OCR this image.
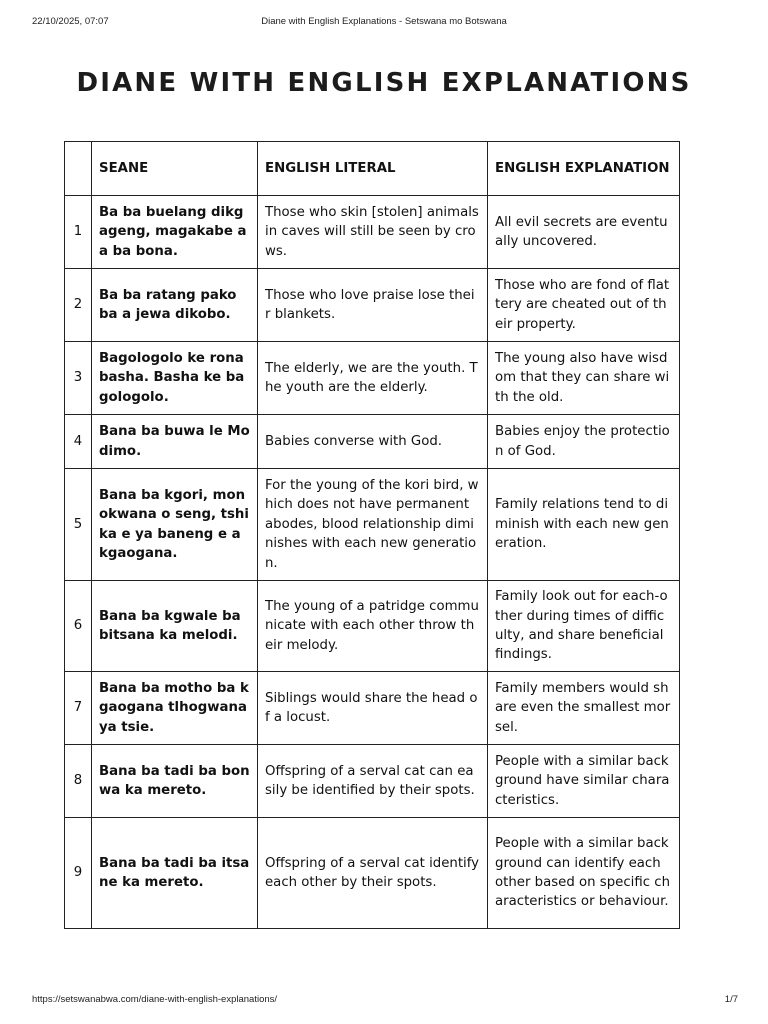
22/10/2025, 07:07	Diane with English Explanations - Setswana mo Botswana
DIANE WITH ENGLISH EXPLANATIONS
	SEANE	ENGLISH LITERAL	ENGLISH EXPLANATION
1	Ba ba buelang dikgageng, magakabe a a ba bona.	Those who skin [stolen] animals in caves will still be seen by crows.	All evil secrets are eventually uncovered.
2	Ba ba ratang pako ba a jewa dikobo.	Those who love praise lose their blankets.	Those who are fond of flattery are cheated out of their property.
3	Bagologolo ke rona basha. Basha ke bagologolo.	The elderly, we are the youth. The youth are the elderly.	The young also have wisdom that they can share with the old.
4	Bana ba buwa le Modimo.	Babies converse with God.	Babies enjoy the protection of God.
5	Bana ba kgori, mon okwana o seng, tshi ka e ya baneng e a kgaogana.	For the young of the kori bird, which does not have permanent abodes, blood relationship diminishes with each new generation.	Family relations tend to diminish with each new generation.
6	Bana ba kgwale ba bitsana ka melodi.	The young of a patridge communicate with each other throw their melody.	Family look out for each-other during times of difficulty, and share beneficial findings.
7	Bana ba motho ba kgaogana tlhogwana ya tsie.	Siblings would share the head of a locust.	Family members would share even the smallest morsel.
8	Bana ba tadi ba bonwa ka mereto.	Offspring of a serval cat can easily be identified by their spots.	People with a similar background have similar characteristics.
9	Bana ba tadi ba itsane ka mereto.	Offspring of a serval cat identify each other by their spots.	People with a similar background can identify each other based on specific characteristics or behaviour.
https://setswanabwa.com/diane-with-english-explanations/	1/7
